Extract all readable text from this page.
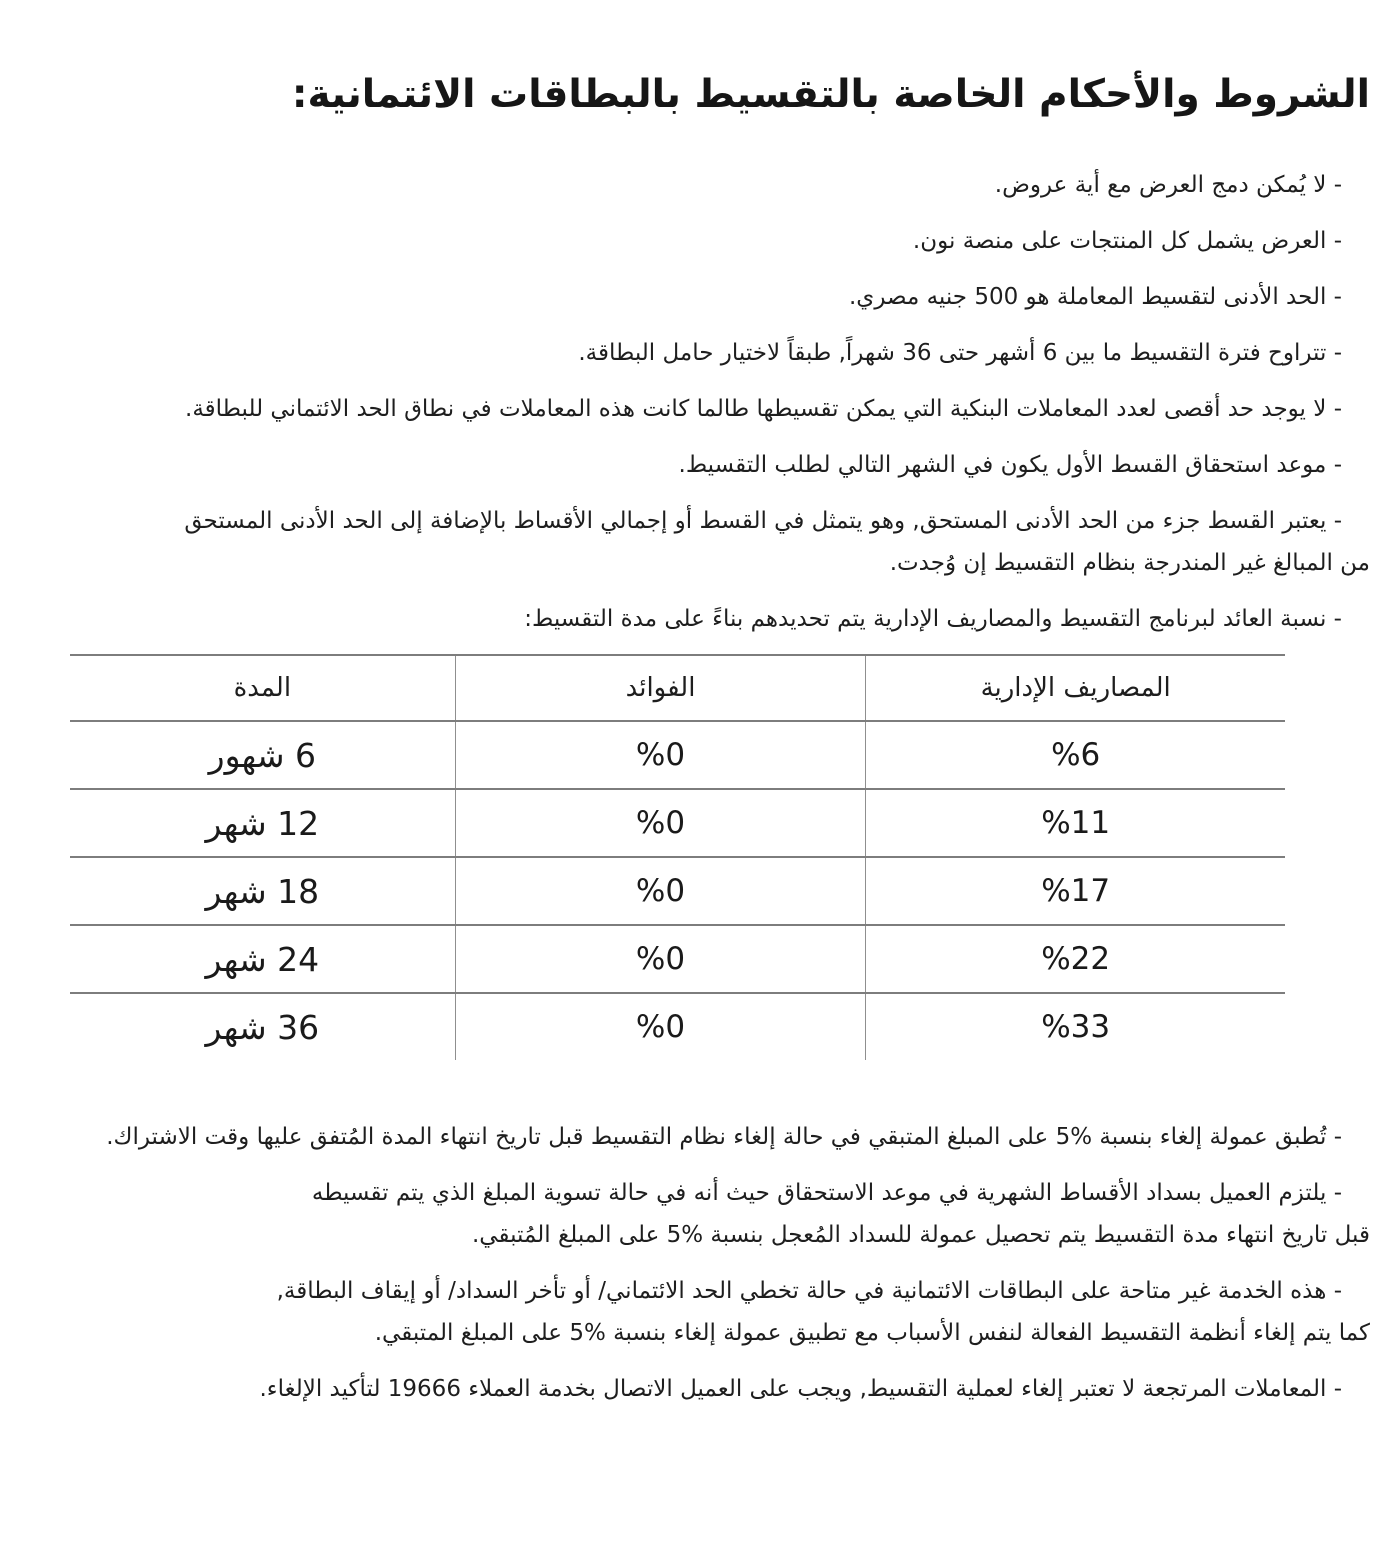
الشروط والأحكام الخاصة بالتقسيط بالبطاقات الائتمانية:
- لا يُمكن دمج العرض مع أية عروض.
- العرض يشمل كل المنتجات على منصة نون.
- الحد الأدنى لتقسيط المعاملة هو 500 جنيه مصري.
- تتراوح فترة التقسيط ما بين 6 أشهر حتى 36 شهراً, طبقاً لاختيار حامل البطاقة.
- لا يوجد حد أقصى لعدد المعاملات البنكية التي يمكن تقسيطها طالما كانت هذه المعاملات في نطاق الحد الائتماني للبطاقة.
- موعد استحقاق القسط الأول يكون في الشهر التالي لطلب التقسيط.
- يعتبر القسط جزء من الحد الأدنى المستحق, وهو يتمثل في القسط أو إجمالي الأقساط بالإضافة إلى الحد الأدنى المستحق
من المبالغ غير المندرجة بنظام التقسيط إن وُجدت.
- نسبة العائد لبرنامج التقسيط والمصاريف الإدارية يتم تحديدهم بناءً على مدة التقسيط:
المصاريف الإدارية	الفوائد	المدة
%6	%0	6 شهور
%11	%0	12 شهر
%17	%0	18 شهر
%22	%0	24 شهر
%33	%0	36 شهر
- تُطبق عمولة إلغاء بنسبة %5 على المبلغ المتبقي في حالة إلغاء نظام التقسيط قبل تاريخ انتهاء المدة المُتفق عليها وقت الاشتراك.
- يلتزم العميل بسداد الأقساط الشهرية في موعد الاستحقاق حيث أنه في حالة تسوية المبلغ الذي يتم تقسيطه
قبل تاريخ انتهاء مدة التقسيط يتم تحصيل عمولة للسداد المُعجل بنسبة %5 على المبلغ المُتبقي.
- هذه الخدمة غير متاحة على البطاقات الائتمانية في حالة تخطي الحد الائتماني/ أو تأخر السداد/ أو إيقاف البطاقة,
كما يتم إلغاء أنظمة التقسيط الفعالة لنفس الأسباب مع تطبيق عمولة إلغاء بنسبة %5 على المبلغ المتبقي.
- المعاملات المرتجعة لا تعتبر إلغاء لعملية التقسيط, ويجب على العميل الاتصال بخدمة العملاء 19666 لتأكيد الإلغاء.
